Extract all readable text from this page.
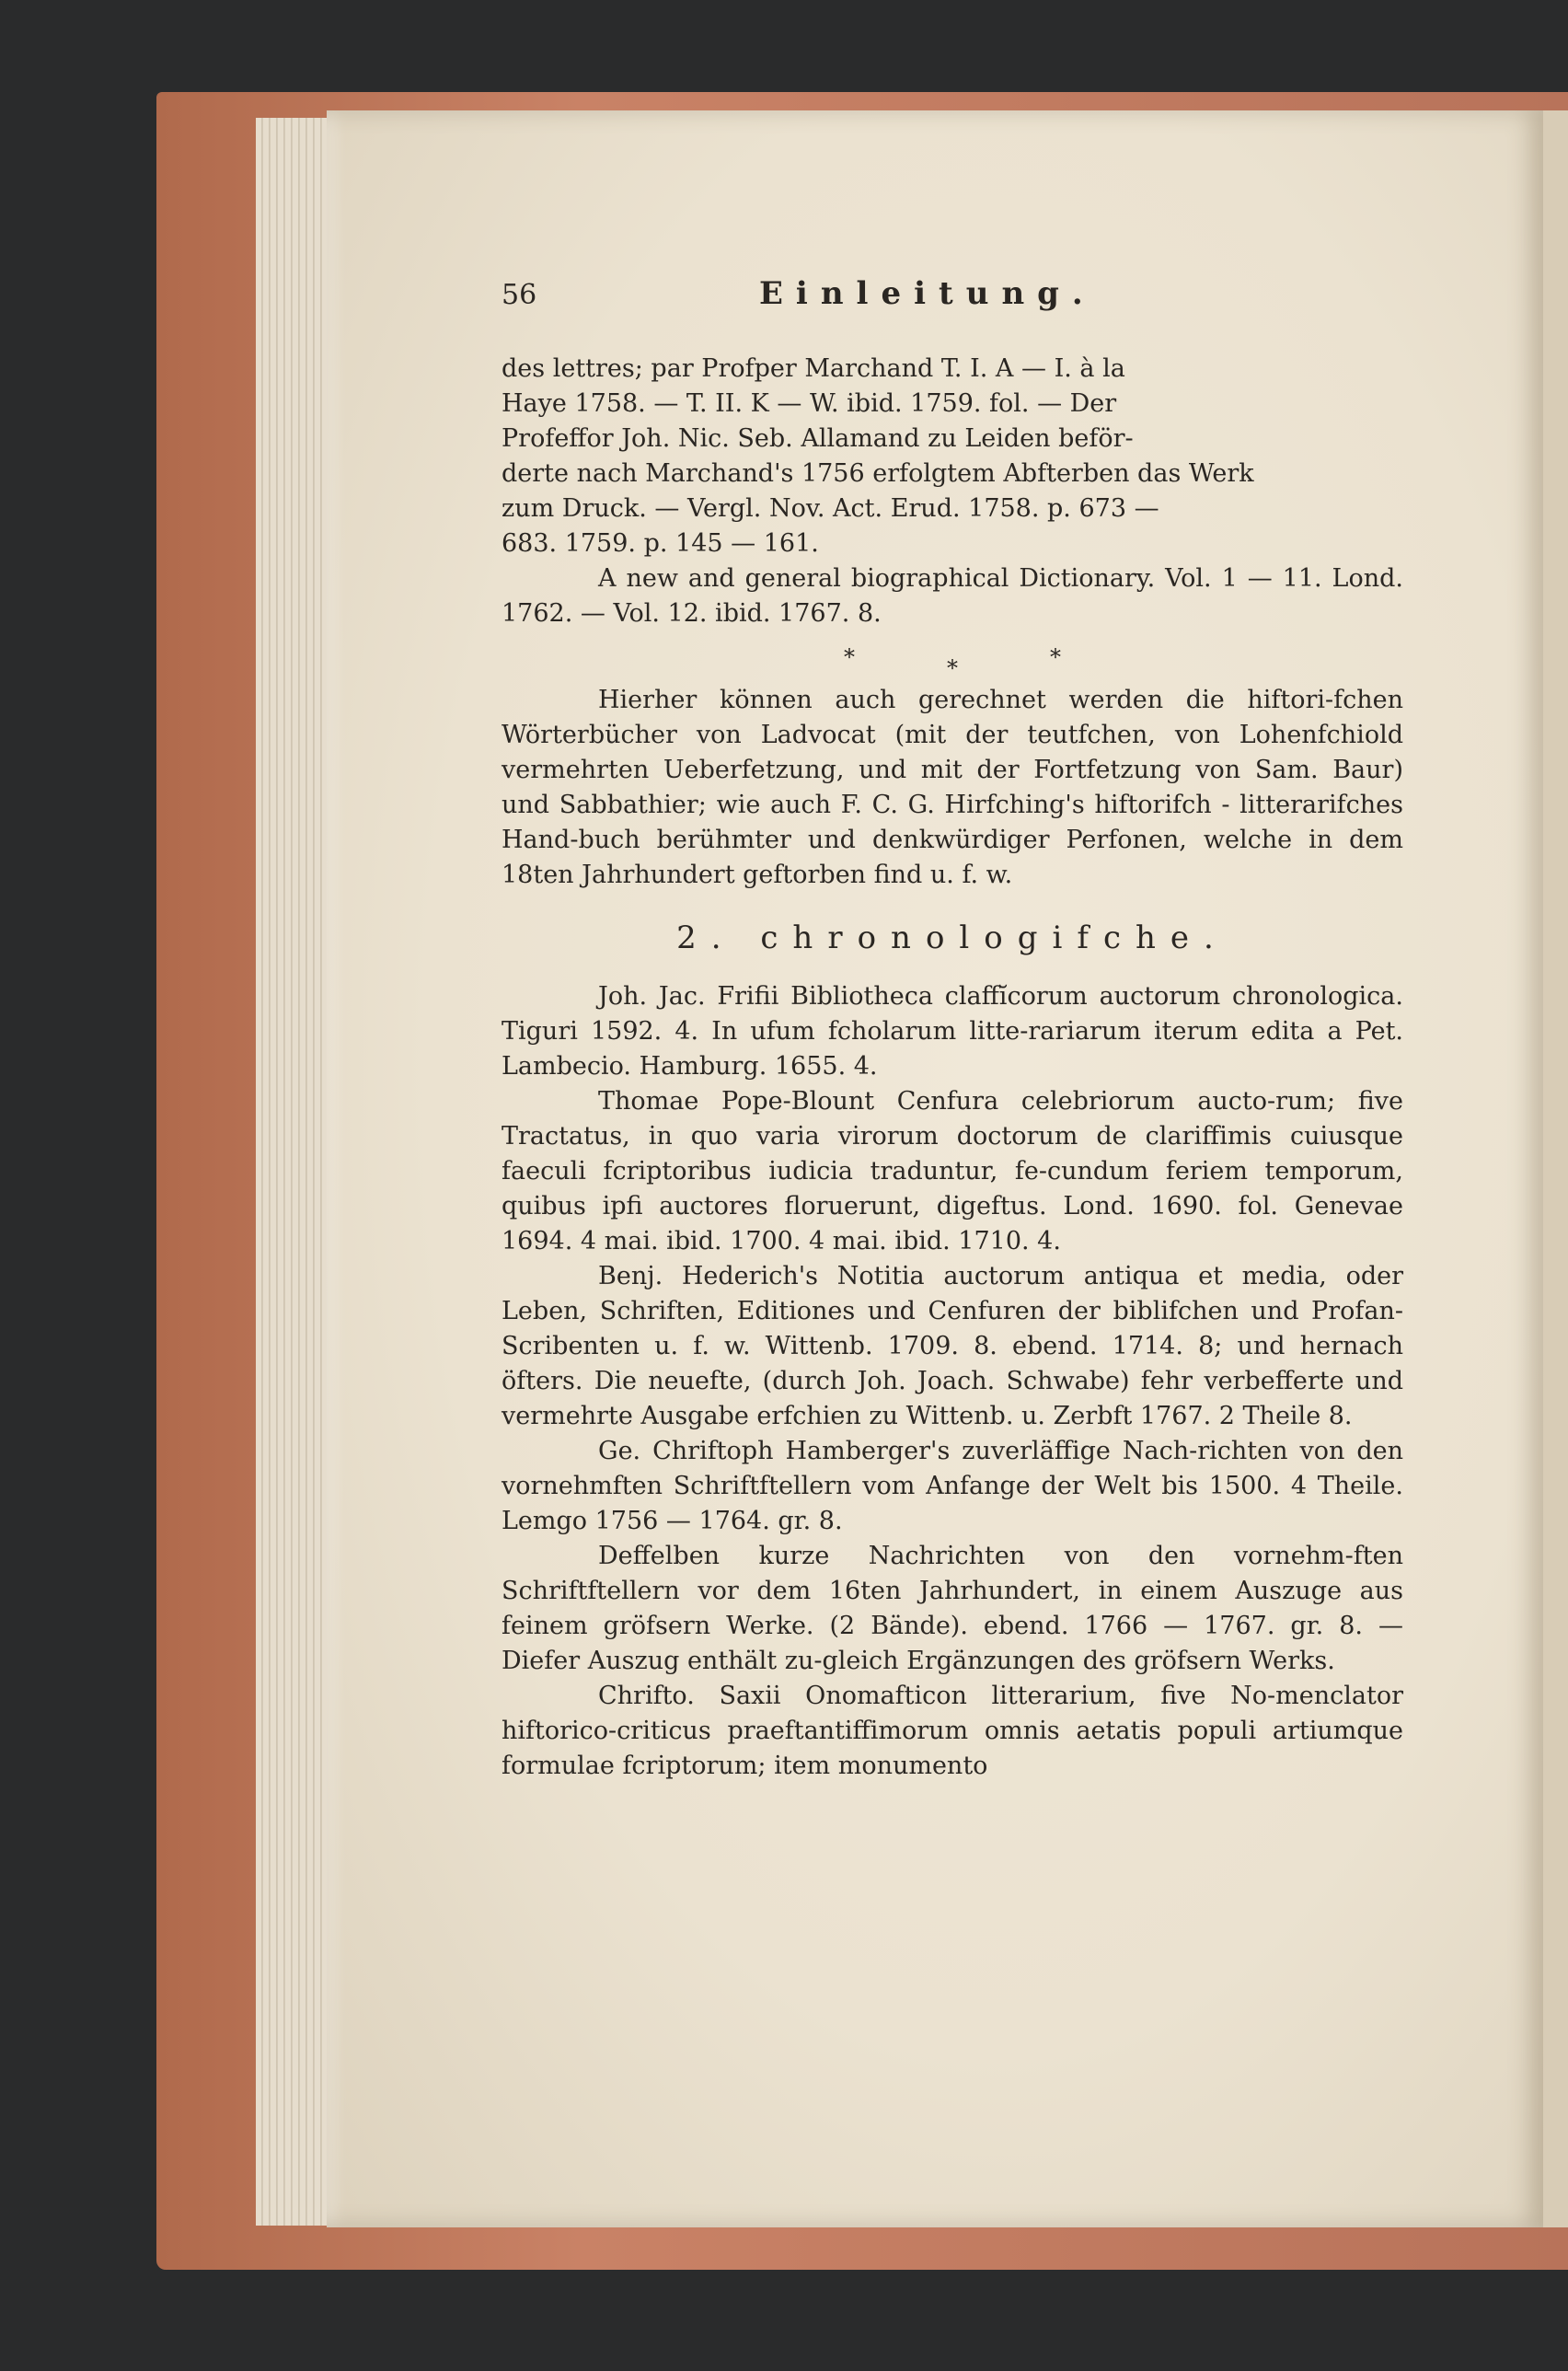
56	Einleitung.

des lettres; par Profper Marchand T. I. A — I. à la

Haye 1758. — T. II. K — W. ibid. 1759. fol. — Der

Profeffor Joh. Nic. Seb. Allamand zu Leiden beför-

derte nach Marchand's 1756 erfolgtem Abfterben das Werk

zum Druck. — Vergl. Nov. Act. Erud. 1758. p. 673 —

683. 1759. p. 145 — 161.

A new and general biographical Dictionary. Vol. 1 — 11. Lond. 1762. — Vol. 12. ibid. 1767. 8.

*	*	*

Hierher können auch gerechnet werden die hiftori-fchen Wörterbücher von Ladvocat (mit der teutfchen, von Lohenfchiold vermehrten Ueberfetzung, und mit der Fortfetzung von Sam. Baur) und Sabbathier; wie auch F. C. G. Hirfching's hiftorifch - litterarifches Hand-buch berühmter und denkwürdiger Perfonen, welche in dem 18ten Jahrhundert geftorben find u. f. w.

2. chronologifche.

Joh. Jac. Frifii Bibliotheca claffĭcorum auctorum chronologica. Tiguri 1592. 4. In ufum fcholarum litte-rariarum iterum edita a Pet. Lambecio. Hamburg. 1655. 4.

Thomae Pope-Blount Cenfura celebriorum aucto-rum; five Tractatus, in quo varia virorum doctorum de clariffimis cuiusque faeculi fcriptoribus iudicia traduntur, fe-cundum feriem temporum, quibus ipfi auctores floruerunt, digeftus. Lond. 1690. fol. Genevae 1694. 4 mai. ibid. 1700. 4 mai. ibid. 1710. 4.

Benj. Hederich's Notitia auctorum antiqua et media, oder Leben, Schriften, Editiones und Cenfuren der biblifchen und Profan-Scribenten u. f. w. Wittenb. 1709. 8. ebend. 1714. 8; und hernach öfters. Die neuefte, (durch Joh. Joach. Schwabe) fehr verbefferte und vermehrte Ausgabe erfchien zu Wittenb. u. Zerbft 1767. 2 Theile 8.

Ge. Chriftoph Hamberger's zuverläffige Nach-richten von den vornehmften Schriftftellern vom Anfange der Welt bis 1500. 4 Theile. Lemgo 1756 — 1764. gr. 8.

Deffelben kurze Nachrichten von den vornehm-ften Schriftftellern vor dem 16ten Jahrhundert, in einem Auszuge aus feinem gröfsern Werke. (2 Bände). ebend. 1766 — 1767. gr. 8. — Diefer Auszug enthält zu-gleich Ergänzungen des gröfsern Werks.

Chrifto. Saxii Onomafticon litterarium, five No-menclator hiftorico-criticus praeftantiffimorum omnis aetatis populi artiumque formulae fcriptorum; item monumento
